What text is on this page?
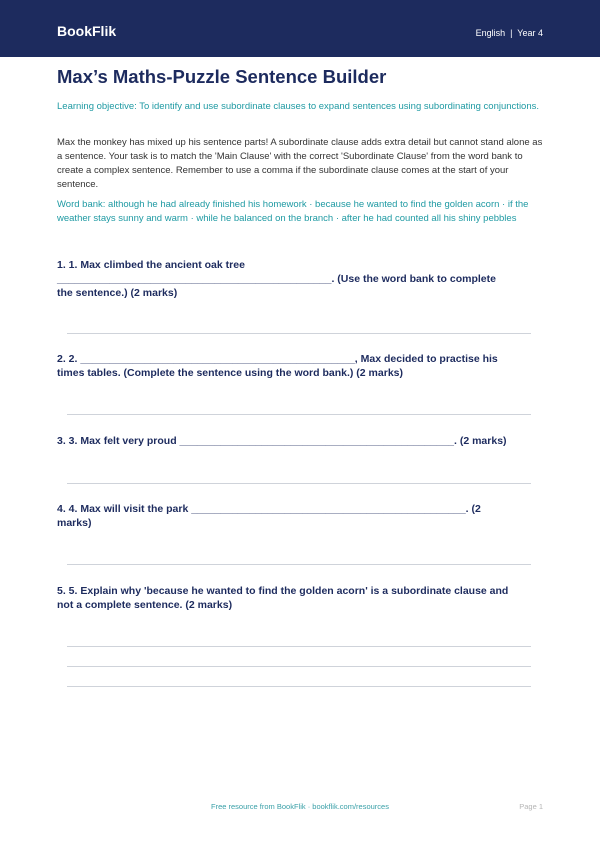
BookFlik	English  |  Year 4
Max’s Maths-Puzzle Sentence Builder

Learning objective: To identify and use subordinate clauses to expand sentences using subordinating conjunctions.

Max the monkey has mixed up his sentence parts! A subordinate clause adds extra detail but cannot stand alone as a sentence. Your task is to match the 'Main Clause' with the correct 'Subordinate Clause' from the word bank to create a complex sentence. Remember to use a comma if the subordinate clause comes at the start of your sentence.

Word bank: although he had already finished his homework · because he wanted to find the golden acorn · if the weather stays sunny and warm · while he balanced on the branch · after he had counted all his shiny pebbles

1. 1. Max climbed the ancient oak tree
_______________________________________________. (Use the word bank to complete
the sentence.) (2 marks)
2. 2. _______________________________________________, Max decided to practise his
times tables. (Complete the sentence using the word bank.) (2 marks)
3. 3. Max felt very proud _______________________________________________. (2 marks)
4. 4. Max will visit the park _______________________________________________. (2
marks)
5. 5. Explain why 'because he wanted to find the golden acorn' is a subordinate clause and
not a complete sentence. (2 marks)
Free resource from BookFlik · bookflik.com/resources	Page 1
